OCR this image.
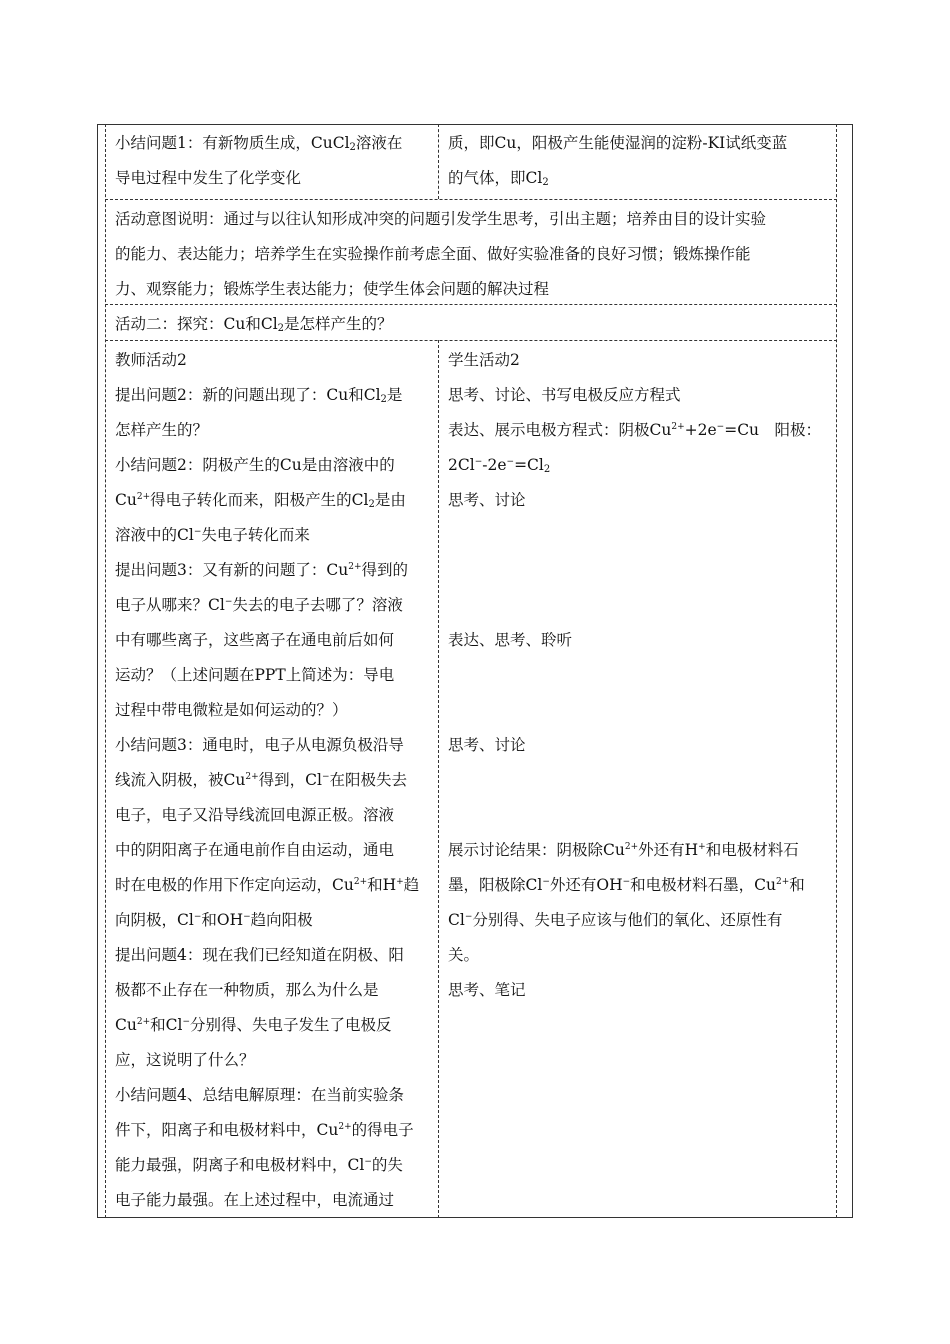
小结问题1：有新物质生成，CuCl$_2$溶液在
导电过程中发生了化学变化
质，即Cu，阳极产生能使湿润的淀粉-KI试纸变蓝
的气体，即$Cl_2$
活动意图说明：通过与以往认知形成冲突的问题引发学生思考，引出主题；培养由目的设计实验
的能力、表达能力；培养学生在实验操作前考虑全面、做好实验准备的良好习惯；锻炼操作能
力、观察能力；锻炼学生表达能力；使学生体会问题的解决过程
活动二：探究：Cu和$Cl_2$是怎样产生的？
教师活动2
提出问题2：新的问题出现了：Cu和$Cl_2$是
怎样产生的？
小结问题2：阴极产生的Cu是由溶液中的
$Cu^{2+}$得电子转化而来，阳极产生的$Cl_2$是由
溶液中的Cl−失电子转化而来
提出问题3：又有新的问题了：$Cu^{2+}$得到的
电子从哪来？Cl−失去的电子去哪了？溶液
中有哪些离子，这些离子在通电前后如何
运动？（上述问题在PPT上简述为：导电
过程中带电微粒是如何运动的？）
小结问题3：通电时，电子从电源负极沿导
线流入阴极，被$Cu^{2+}$得到，Cl−在阳极失去
电子，电子又沿导线流回电源正极。溶液
中的阴阳离子在通电前作自由运动，通电
时在电极的作用下作定向运动，$Cu^{2+}$和H+趋
向阴极，Cl−和OH−趋向阳极
提出问题4：现在我们已经知道在阴极、阳
极都不止存在一种物质，那么为什么是
$Cu^{2+}$和Cl−分别得、失电子发生了电极反
应，这说明了什么？
小结问题4、总结电解原理：在当前实验条
件下，阳离子和电极材料中，$Cu^{2+}$的得电子
能力最强，阴离子和电极材料中，Cl−的失
电子能力最强。在上述过程中，电流通过
学生活动2
思考、讨论、书写电极反应方程式
表达、展示电极方程式：阴极$Cu^{2+}+2e^-=Cu$　阳极：
$2Cl^--2e^-=Cl_2$
思考、讨论
表达、思考、聆听
思考、讨论
展示讨论结果：阴极除$Cu^{2+}$外还有H+和电极材料石
墨，阳极除Cl−外还有OH−和电极材料石墨，$Cu^{2+}$和
Cl−分别得、失电子应该与他们的氧化、还原性有
关。
思考、笔记
